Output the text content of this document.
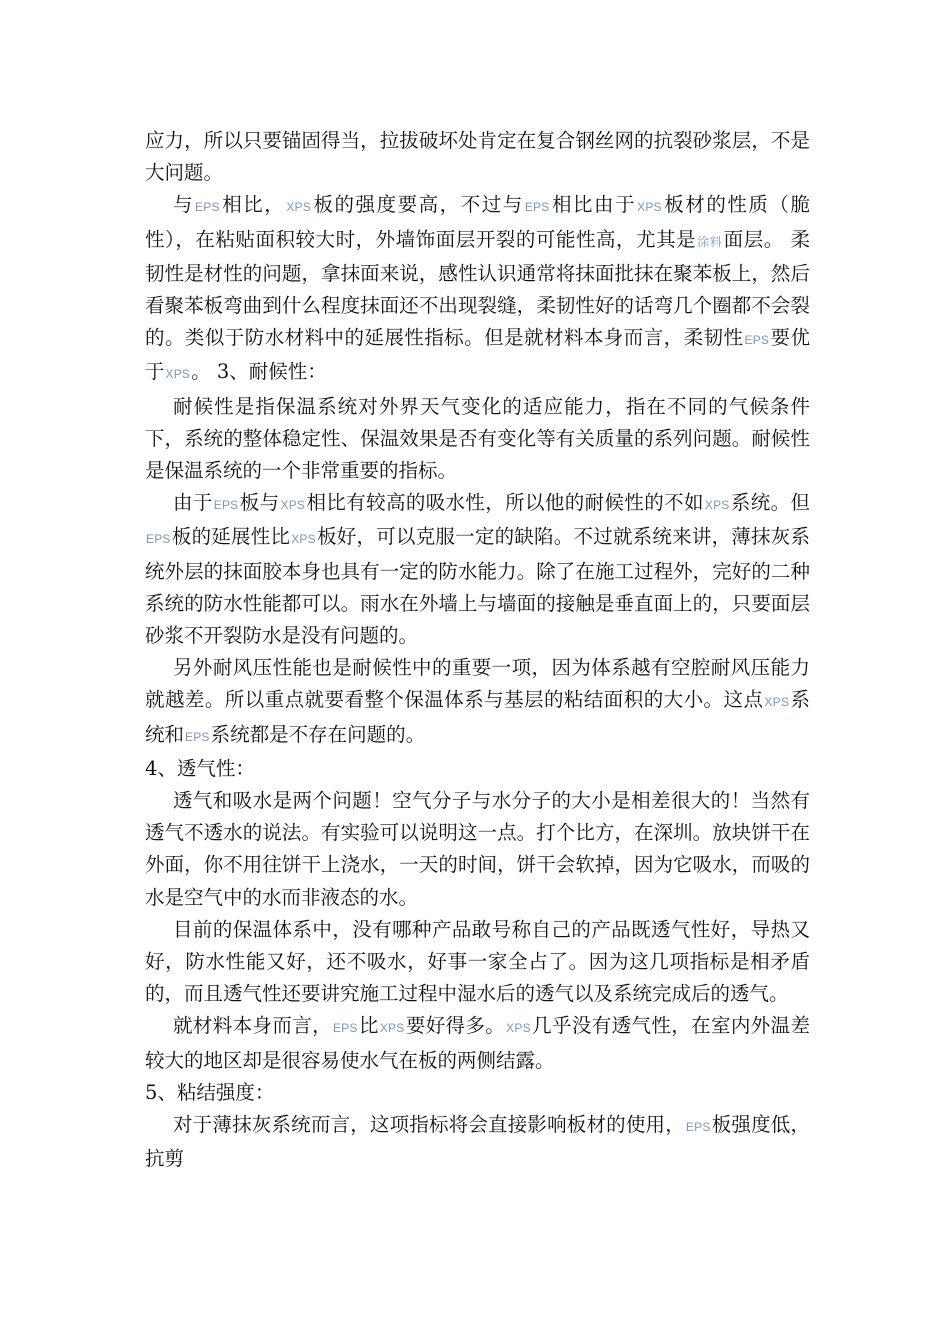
应力，所以只要锚固得当，拉拔破坏处肯定在复合钢丝网的抗裂砂浆层，不是大问题。

与EPS相比，XPS板的强度要高，不过与EPS相比由于XPS板材的性质（脆性），在粘贴面积较大时，外墙饰面层开裂的可能性高，尤其是涂料面层。 柔韧性是材性的问题，拿抹面来说，感性认识通常将抹面批抹在聚苯板上，然后看聚苯板弯曲到什么程度抹面还不出现裂缝，柔韧性好的话弯几个圈都不会裂的。类似于防水材料中的延展性指标。但是就材料本身而言，柔韧性EPS要优于XPS。 3、耐候性：

耐候性是指保温系统对外界天气变化的适应能力，指在不同的气候条件下，系统的整体稳定性、保温效果是否有变化等有关质量的系列问题。耐候性是保温系统的一个非常重要的指标。

由于EPS板与XPS相比有较高的吸水性，所以他的耐候性的不如XPS系统。但EPS板的延展性比XPS板好，可以克服一定的缺陷。不过就系统来讲，薄抹灰系统外层的抹面胶本身也具有一定的防水能力。除了在施工过程外，完好的二种系统的防水性能都可以。雨水在外墙上与墙面的接触是垂直面上的，只要面层砂浆不开裂防水是没有问题的。

另外耐风压性能也是耐候性中的重要一项，因为体系越有空腔耐风压能力就越差。所以重点就要看整个保温体系与基层的粘结面积的大小。这点XPS系统和EPS系统都是不存在问题的。

4、透气性：

透气和吸水是两个问题！空气分子与水分子的大小是相差很大的！当然有透气不透水的说法。有实验可以说明这一点。打个比方，在深圳。放块饼干在外面，你不用往饼干上浇水，一天的时间，饼干会软掉，因为它吸水，而吸的水是空气中的水而非液态的水。

目前的保温体系中，没有哪种产品敢号称自己的产品既透气性好，导热又好，防水性能又好，还不吸水，好事一家全占了。因为这几项指标是相矛盾的，而且透气性还要讲究施工过程中湿水后的透气以及系统完成后的透气。

就材料本身而言，EPS比XPS要好得多。XPS几乎没有透气性，在室内外温差较大的地区却是很容易使水气在板的两侧结露。

5、粘结强度：

对于薄抹灰系统而言，这项指标将会直接影响板材的使用，EPS板强度低，抗剪
